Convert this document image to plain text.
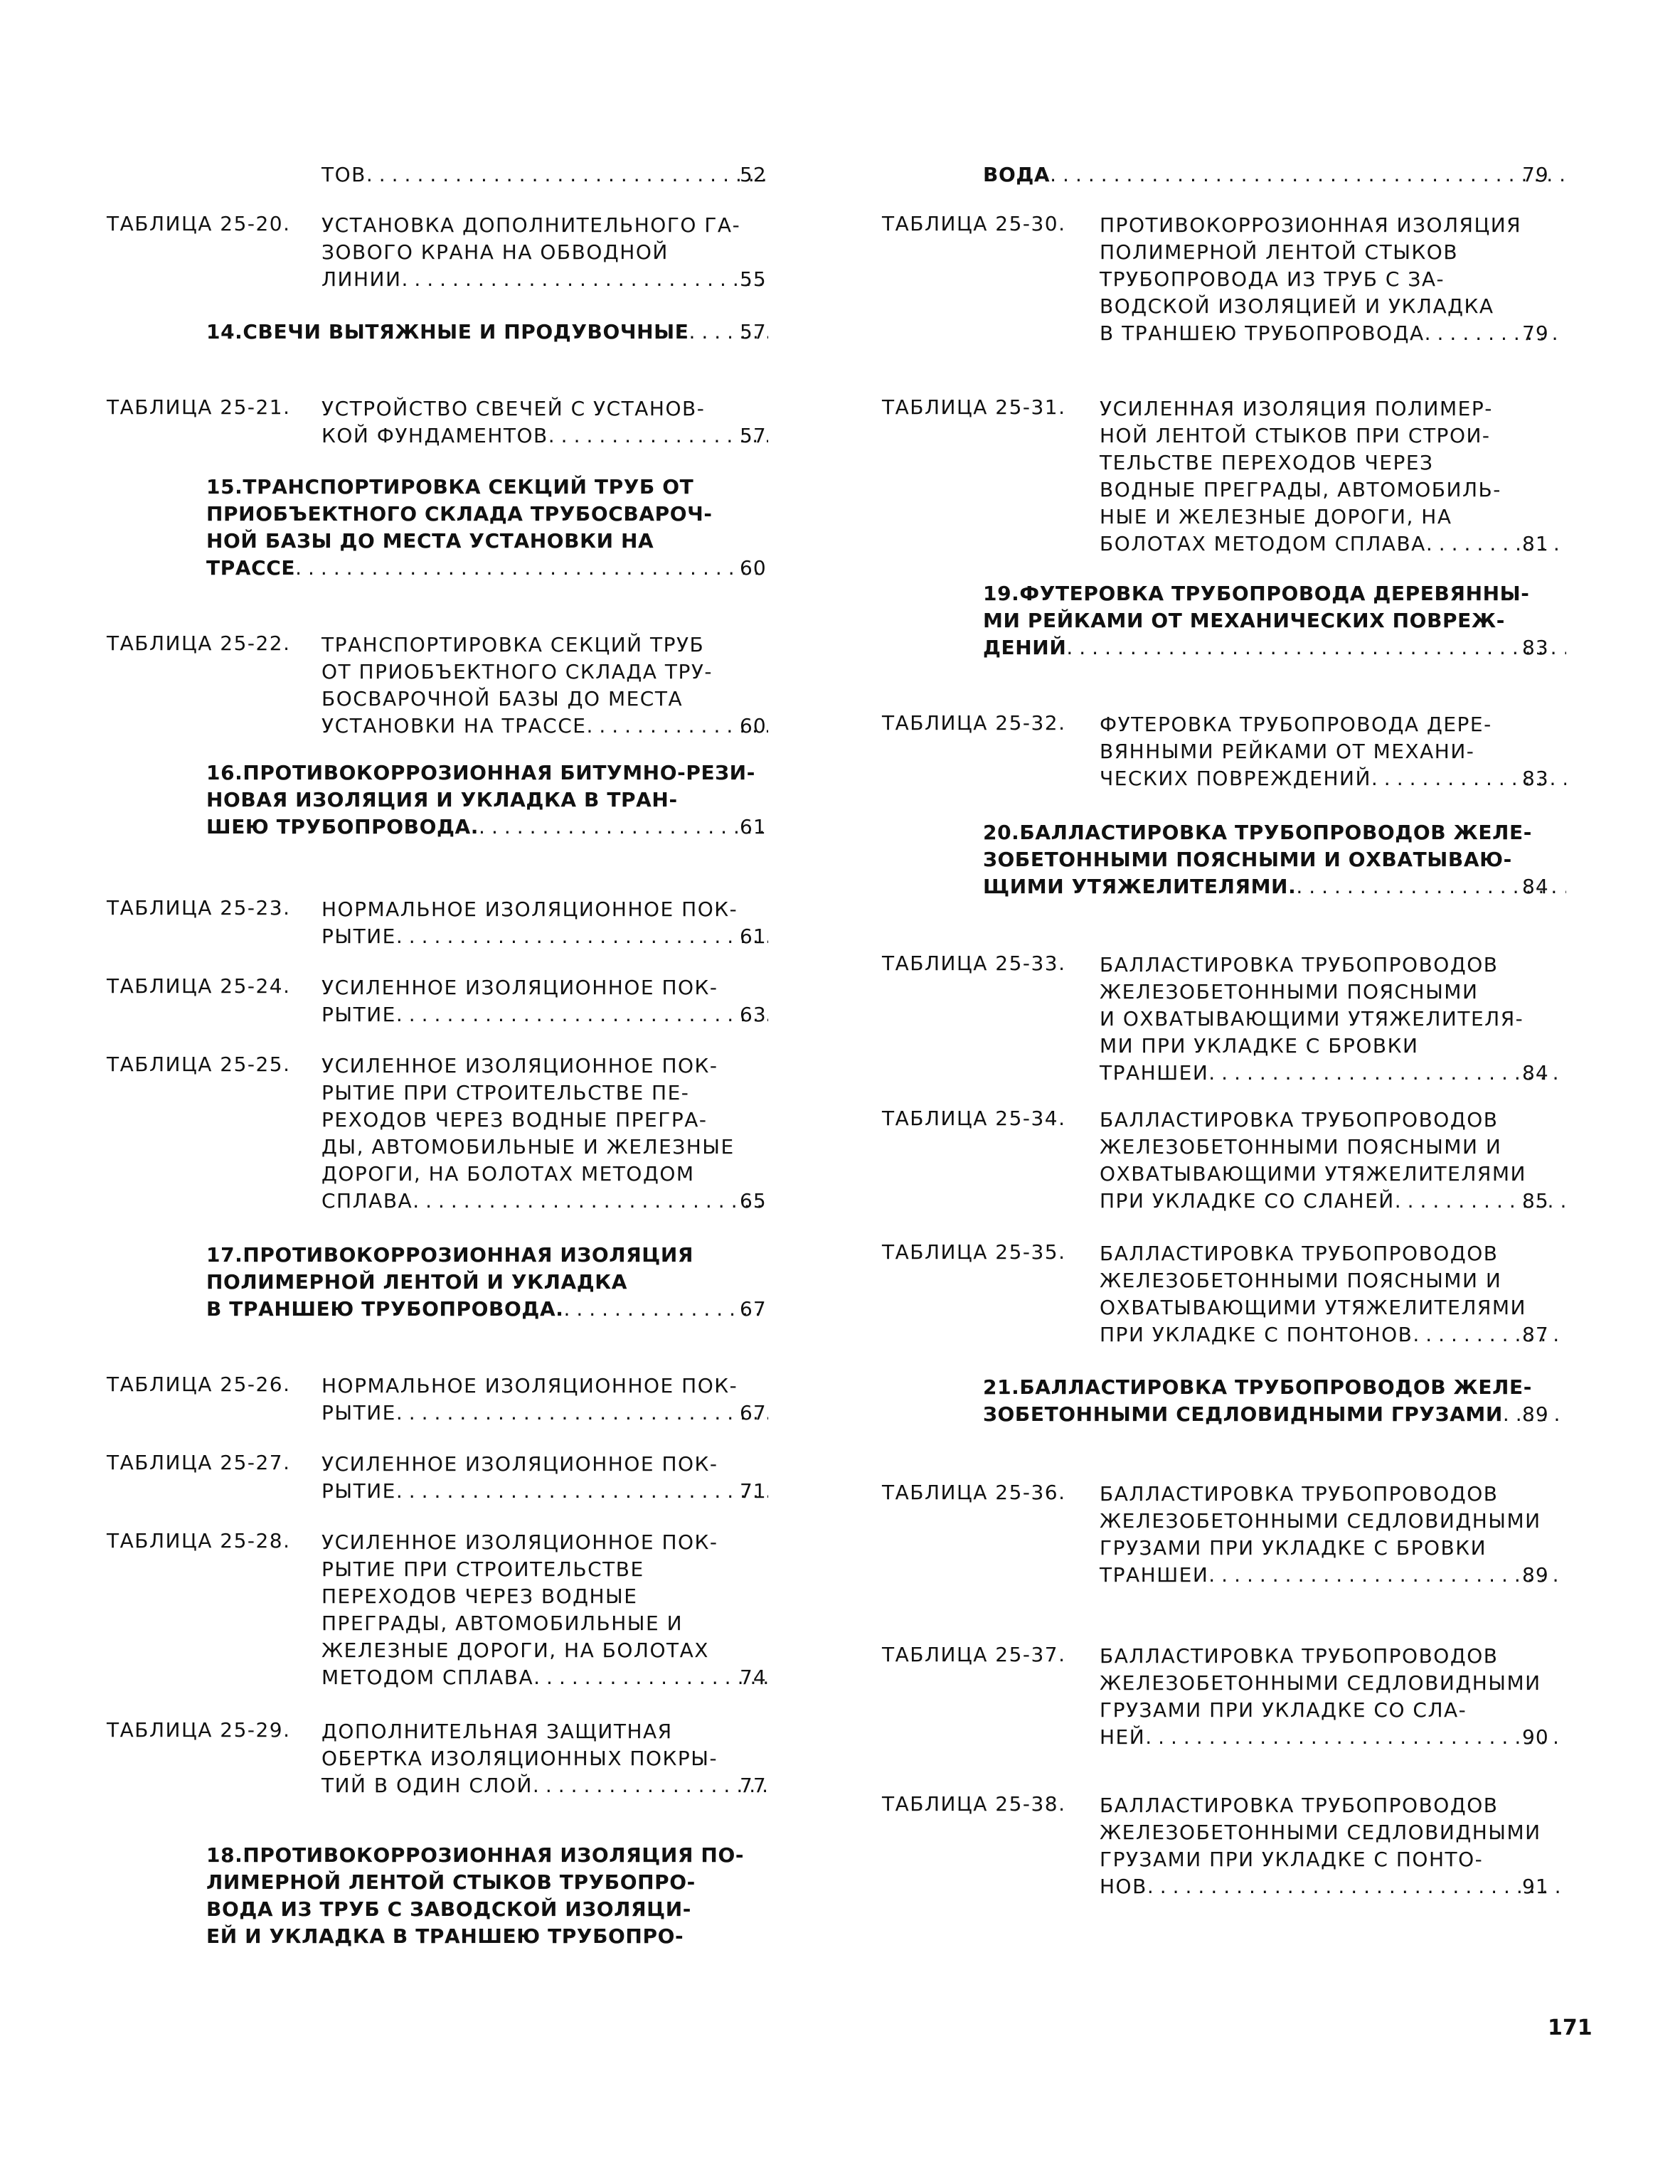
ТОВ .....	52
ТАБЛИЦА 25-20.	УСТАНОВКА ДОПОЛНИТЕЛЬНОГО ГА-
ЗОВОГО КРАНА НА ОБВОДНОЙ
ЛИНИИ .....	55
14.СВЕЧИ ВЫТЯЖНЫЕ И ПРОДУВОЧНЫЕ .....	57
ТАБЛИЦА 25-21.	УСТРОЙСТВО СВЕЧЕЙ С УСТАНОВ-
КОЙ ФУНДАМЕНТОВ .....	57
15.ТРАНСПОРТИРОВКА СЕКЦИЙ ТРУБ ОТ
ПРИОБЪЕКТНОГО СКЛАДА ТРУБОСВАРОЧ-
НОЙ БАЗЫ ДО МЕСТА УСТАНОВКИ НА
ТРАССЕ .....	60
ТАБЛИЦА 25-22.	ТРАНСПОРТИРОВКА СЕКЦИЙ ТРУБ
ОТ ПРИОБЪЕКТНОГО СКЛАДА ТРУ-
БОСВАРОЧНОЙ БАЗЫ ДО МЕСТА
УСТАНОВКИ НА ТРАССЕ .....	60
16.ПРОТИВОКОРРОЗИОННАЯ БИТУМНО-РЕЗИ-
НОВАЯ ИЗОЛЯЦИЯ И УКЛАДКА В ТРАН-
ШЕЮ ТРУБОПРОВОДА. .....	61
ТАБЛИЦА 25-23.	НОРМАЛЬНОЕ ИЗОЛЯЦИОННОЕ ПОК-
РЫТИЕ .....	61
ТАБЛИЦА 25-24.	УСИЛЕННОЕ ИЗОЛЯЦИОННОЕ ПОК-
РЫТИЕ .....	63
ТАБЛИЦА 25-25.	УСИЛЕННОЕ ИЗОЛЯЦИОННОЕ ПОК-
РЫТИЕ ПРИ СТРОИТЕЛЬСТВЕ ПЕ-
РЕХОДОВ ЧЕРЕЗ ВОДНЫЕ ПРЕГРА-
ДЫ, АВТОМОБИЛЬНЫЕ И ЖЕЛЕЗНЫЕ
ДОРОГИ, НА БОЛОТАХ МЕТОДОМ
СПЛАВА .....	65
17.ПРОТИВОКОРРОЗИОННАЯ ИЗОЛЯЦИЯ
ПОЛИМЕРНОЙ ЛЕНТОЙ И УКЛАДКА
В ТРАНШЕЮ ТРУБОПРОВОДА. .....	67
ТАБЛИЦА 25-26.	НОРМАЛЬНОЕ ИЗОЛЯЦИОННОЕ ПОК-
РЫТИЕ .....	67
ТАБЛИЦА 25-27.	УСИЛЕННОЕ ИЗОЛЯЦИОННОЕ ПОК-
РЫТИЕ .....	71
ТАБЛИЦА 25-28.	УСИЛЕННОЕ ИЗОЛЯЦИОННОЕ ПОК-
РЫТИЕ ПРИ СТРОИТЕЛЬСТВЕ
ПЕРЕХОДОВ ЧЕРЕЗ ВОДНЫЕ
ПРЕГРАДЫ, АВТОМОБИЛЬНЫЕ И
ЖЕЛЕЗНЫЕ ДОРОГИ, НА БОЛОТАХ
МЕТОДОМ СПЛАВА .....	74
ТАБЛИЦА 25-29.	ДОПОЛНИТЕЛЬНАЯ ЗАЩИТНАЯ
ОБЕРТКА ИЗОЛЯЦИОННЫХ ПОКРЫ-
ТИЙ В ОДИН СЛОЙ .....	77
18.ПРОТИВОКОРРОЗИОННАЯ ИЗОЛЯЦИЯ ПО-
ЛИМЕРНОЙ ЛЕНТОЙ СТЫКОВ ТРУБОПРО-
ВОДА ИЗ ТРУБ С ЗАВОДСКОЙ ИЗОЛЯЦИ-
ЕЙ И УКЛАДКА В ТРАНШЕЮ ТРУБОПРО-
ВОДА .....	79
ТАБЛИЦА 25-30.	ПРОТИВОКОРРОЗИОННАЯ ИЗОЛЯЦИЯ
ПОЛИМЕРНОЙ ЛЕНТОЙ СТЫКОВ
ТРУБОПРОВОДА ИЗ ТРУБ С ЗА-
ВОДСКОЙ ИЗОЛЯЦИЕЙ И УКЛАДКА
В ТРАНШЕЮ ТРУБОПРОВОДА .....	79
ТАБЛИЦА 25-31.	УСИЛЕННАЯ ИЗОЛЯЦИЯ ПОЛИМЕР-
НОЙ ЛЕНТОЙ СТЫКОВ ПРИ СТРОИ-
ТЕЛЬСТВЕ ПЕРЕХОДОВ ЧЕРЕЗ
ВОДНЫЕ ПРЕГРАДЫ, АВТОМОБИЛЬ-
НЫЕ И ЖЕЛЕЗНЫЕ ДОРОГИ, НА
БОЛОТАХ МЕТОДОМ СПЛАВА .....	81
19.ФУТЕРОВКА ТРУБОПРОВОДА ДЕРЕВЯННЫ-
МИ РЕЙКАМИ ОТ МЕХАНИЧЕСКИХ ПОВРЕЖ-
ДЕНИЙ .....	83
ТАБЛИЦА 25-32.	ФУТЕРОВКА ТРУБОПРОВОДА ДЕРЕ-
ВЯННЫМИ РЕЙКАМИ ОТ МЕХАНИ-
ЧЕСКИХ ПОВРЕЖДЕНИЙ .....	83
20.БАЛЛАСТИРОВКА ТРУБОПРОВОДОВ ЖЕЛЕ-
ЗОБЕТОННЫМИ ПОЯСНЫМИ И ОХВАТЫВАЮ-
ЩИМИ УТЯЖЕЛИТЕЛЯМИ. .....	84
ТАБЛИЦА 25-33.	БАЛЛАСТИРОВКА ТРУБОПРОВОДОВ
ЖЕЛЕЗОБЕТОННЫМИ ПОЯСНЫМИ
И ОХВАТЫВАЮЩИМИ УТЯЖЕЛИТЕЛЯ-
МИ ПРИ УКЛАДКЕ С БРОВКИ
ТРАНШЕИ .....	84
ТАБЛИЦА 25-34.	БАЛЛАСТИРОВКА ТРУБОПРОВОДОВ
ЖЕЛЕЗОБЕТОННЫМИ ПОЯСНЫМИ И
ОХВАТЫВАЮЩИМИ УТЯЖЕЛИТЕЛЯМИ
ПРИ УКЛАДКЕ СО СЛАНЕЙ .....	85
ТАБЛИЦА 25-35.	БАЛЛАСТИРОВКА ТРУБОПРОВОДОВ
ЖЕЛЕЗОБЕТОННЫМИ ПОЯСНЫМИ И
ОХВАТЫВАЮЩИМИ УТЯЖЕЛИТЕЛЯМИ
ПРИ УКЛАДКЕ С ПОНТОНОВ .....	87
21.БАЛЛАСТИРОВКА ТРУБОПРОВОДОВ ЖЕЛЕ-
ЗОБЕТОННЫМИ СЕДЛОВИДНЫМИ ГРУЗАМИ ..... 89
ТАБЛИЦА 25-36.	БАЛЛАСТИРОВКА ТРУБОПРОВОДОВ
ЖЕЛЕЗОБЕТОННЫМИ СЕДЛОВИДНЫМИ
ГРУЗАМИ ПРИ УКЛАДКЕ С БРОВКИ
ТРАНШЕИ .....	89
ТАБЛИЦА 25-37.	БАЛЛАСТИРОВКА ТРУБОПРОВОДОВ
ЖЕЛЕЗОБЕТОННЫМИ СЕДЛОВИДНЫМИ
ГРУЗАМИ ПРИ УКЛАДКЕ СО СЛА-
НЕЙ .....	90
ТАБЛИЦА 25-38.	БАЛЛАСТИРОВКА ТРУБОПРОВОДОВ
ЖЕЛЕЗОБЕТОННЫМИ СЕДЛОВИДНЫМИ
ГРУЗАМИ ПРИ УКЛАДКЕ С ПОНТО-
НОВ .....	91
171
